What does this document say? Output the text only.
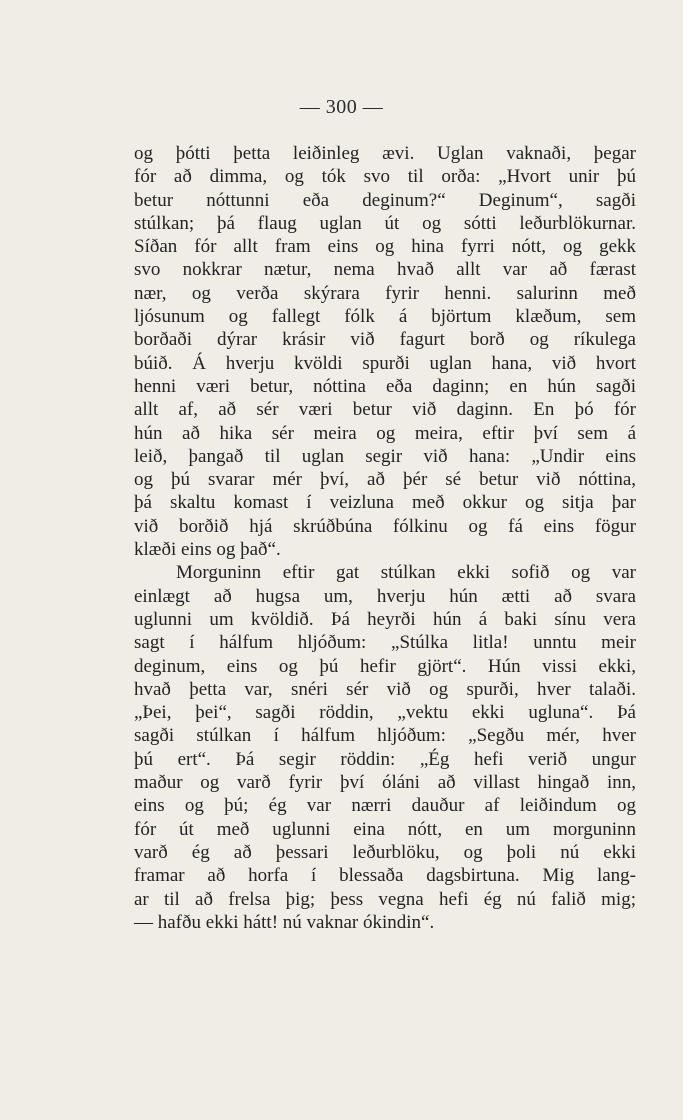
— 300 —
og þótti þetta leiðinleg ævi. Uglan vaknaði, þegar
fór að dimma, og tók svo til orða: „Hvort unir þú
betur nóttunni eða deginum?“ Deginum“, sagði
stúlkan; þá flaug uglan út og sótti leðurblökurnar.
Síðan fór allt fram eins og hina fyrri nótt, og gekk
svo nokkrar nætur, nema hvað allt var að færast
nær, og verða skýrara fyrir henni. salurinn með
ljósunum og fallegt fólk á björtum klæðum, sem
borðaði dýrar krásir við fagurt borð og ríkulega
búið. Á hverju kvöldi spurði uglan hana, við hvort
henni væri betur, nóttina eða daginn; en hún sagði
allt af, að sér væri betur við daginn. En þó fór
hún að hika sér meira og meira, eftir því sem á
leið, þangað til uglan segir við hana: „Undir eins
og þú svarar mér því, að þér sé betur við nóttina,
þá skaltu komast í veizluna með okkur og sitja þar
við borðið hjá skrúðbúna fólkinu og fá eins fögur
klæði eins og það“.
Morguninn eftir gat stúlkan ekki sofið og var
einlægt að hugsa um, hverju hún ætti að svara
uglunni um kvöldið. Þá heyrði hún á baki sínu vera
sagt í hálfum hljóðum: „Stúlka litla! unntu meir
deginum, eins og þú hefir gjört“. Hún vissi ekki,
hvað þetta var, snéri sér við og spurði, hver talaði.
„Þei, þei“, sagði röddin, „vektu ekki ugluna“. Þá
sagði stúlkan í hálfum hljóðum: „Segðu mér, hver
þú ert“. Þá segir röddin: „Ég hefi verið ungur
maður og varð fyrir því óláni að villast hingað inn,
eins og þú; ég var nærri dauður af leiðindum og
fór út með uglunni eina nótt, en um morguninn
varð ég að þessari leðurblöku, og þoli nú ekki
framar að horfa í blessaða dagsbirtuna. Mig lang-
ar til að frelsa þig; þess vegna hefi ég nú falið mig;
— hafðu ekki hátt! nú vaknar ókindin“.
